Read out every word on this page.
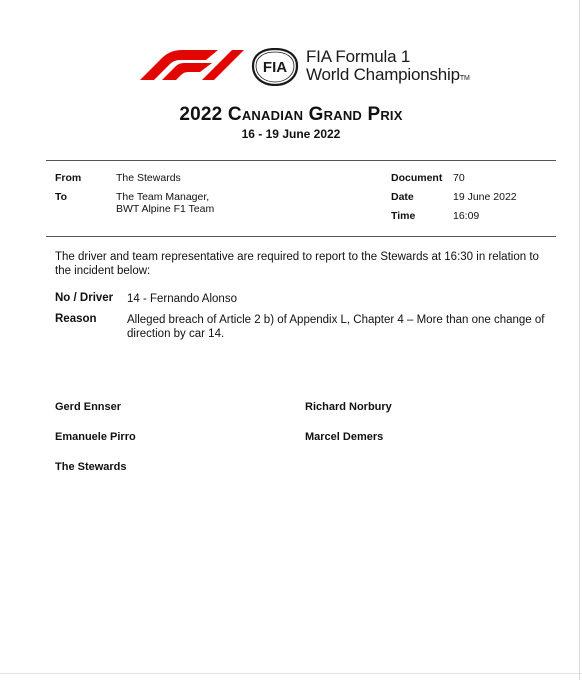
FIA
FIA Formula 1
World ChampionshipTM
2022 Canadian Grand Prix
16 - 19 June 2022
From	The Stewards
To	The Team Manager,
BWT Alpine F1 Team
Document 70
Date	19 June 2022
Time	16:09
The driver and team representative are required to report to the Stewards at 16:30 in relation to the incident below:
No / Driver 14 - Fernando Alonso
Reason	Alleged breach of Article 2 b) of Appendix L, Chapter 4 – More than one change of direction by car 14.
Gerd Ennser	Richard Norbury
Emanuele Pirro	Marcel Demers
The Stewards
